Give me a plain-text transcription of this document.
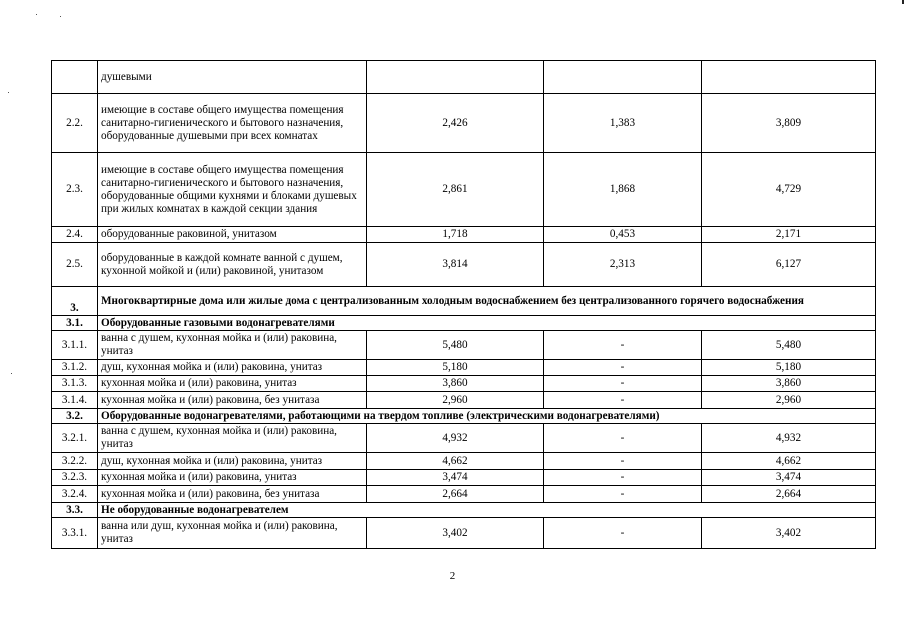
	душевыми			
2.2.	имеющие в составе общего имущества помещения санитарно-гигиенического и бытового назначения, оборудованные душевыми при всех комнатах	2,426	1,383	3,809
2.3.	имеющие в составе общего имущества помещения санитарно-гигиенического и бытового назначения, оборудованные общими кухнями и блоками душевых при жилых комнатах в каждой секции здания	2,861	1,868	4,729
2.4.	оборудованные раковиной, унитазом	1,718	0,453	2,171
2.5.	оборудованные в каждой комнате ванной с душем, кухонной мойкой и (или) раковиной, унитазом	3,814	2,313	6,127
3.	Многоквартирные дома или жилые дома с централизованным холодным водоснабжением без централизованного горячего водоснабжения			
3.1.	Оборудованные газовыми водонагревателями			
3.1.1.	ванна с душем, кухонная мойка и (или) раковина, унитаз	5,480	-	5,480
3.1.2.	душ, кухонная мойка и (или) раковина, унитаз	5,180	-	5,180
3.1.3.	кухонная мойка и (или) раковина, унитаз	3,860	-	3,860
3.1.4.	кухонная мойка и (или) раковина, без унитаза	2,960	-	2,960
3.2.	Оборудованные водонагревателями, работающими на твердом топливе (электрическими водонагревателями)			
3.2.1.	ванна с душем, кухонная мойка и (или) раковина, унитаз	4,932	-	4,932
3.2.2.	душ, кухонная мойка и (или) раковина, унитаз	4,662	-	4,662
3.2.3.	кухонная мойка и (или) раковина, унитаз	3,474	-	3,474
3.2.4.	кухонная мойка и (или) раковина, без унитаза	2,664	-	2,664
3.3.	Не оборудованные водонагревателем			
3.3.1.	ванна или душ, кухонная мойка и (или) раковина, унитаз	3,402	-	3,402
2
